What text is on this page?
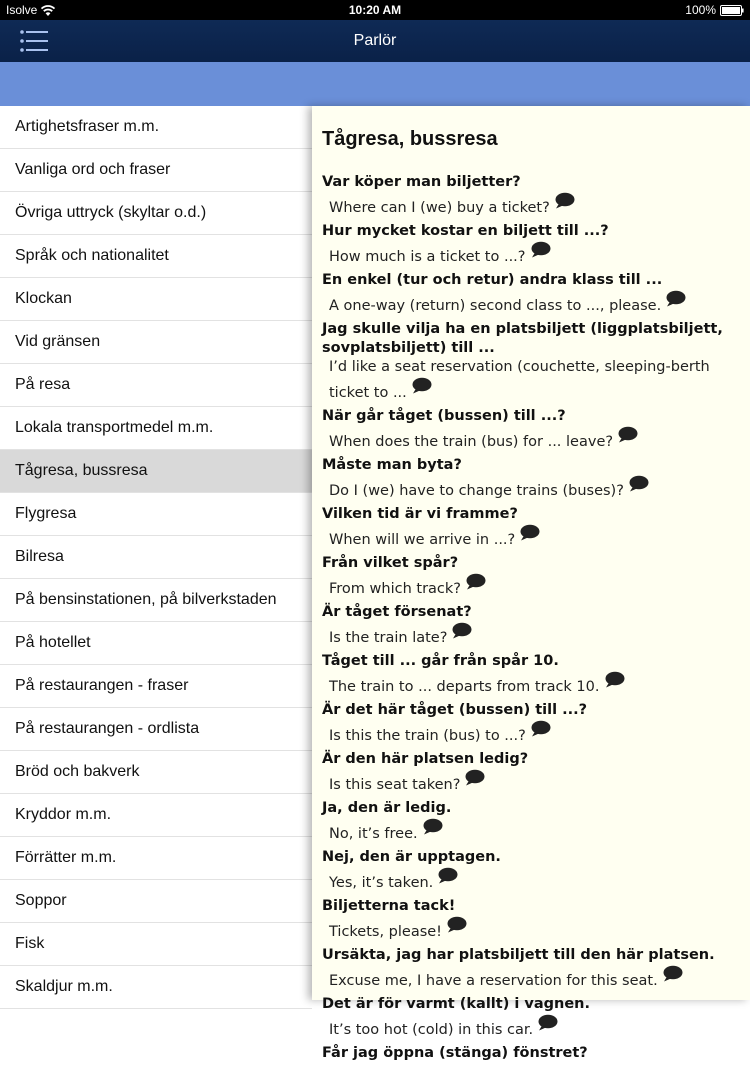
Isolve	10:20 AM	100%
Parlör
Artighetsfraser m.m.
Vanliga ord och fraser
Övriga uttryck (skyltar o.d.)
Språk och nationalitet
Klockan
Vid gränsen
På resa
Lokala transportmedel m.m.
Tågresa, bussresa
Flygresa
Bilresa
På bensinstationen, på bilverkstaden
På hotellet
På restaurangen - fraser
På restaurangen - ordlista
Bröd och bakverk
Kryddor m.m.
Förrätter m.m.
Soppor
Fisk
Skaldjur m.m.
Tågresa, bussresa
Var köper man biljetter?
Where can I (we) buy a ticket?
Hur mycket kostar en biljett till ...?
How much is a ticket to ...?
En enkel (tur och retur) andra klass till ...
A one-way (return) second class to ..., please.
Jag skulle vilja ha en platsbiljett (liggplatsbiljett, sovplatsbiljett) till ...
I’d like a seat reservation (couchette, sleeping-berth ticket to ...
När går tåget (bussen) till ...?
When does the train (bus) for ... leave?
Måste man byta?
Do I (we) have to change trains (buses)?
Vilken tid är vi framme?
When will we arrive in ...?
Från vilket spår?
From which track?
Är tåget försenat?
Is the train late?
Tåget till ... går från spår 10.
The train to ... departs from track 10.
Är det här tåget (bussen) till ...?
Is this the train (bus) to ...?
Är den här platsen ledig?
Is this seat taken?
Ja, den är ledig.
No, it’s free.
Nej, den är upptagen.
Yes, it’s taken.
Biljetterna tack!
Tickets, please!
Ursäkta, jag har platsbiljett till den här platsen.
Excuse me, I have a reservation for this seat.
Det är för varmt (kallt) i vagnen.
It’s too hot (cold) in this car.
Får jag öppna (stänga) fönstret?
